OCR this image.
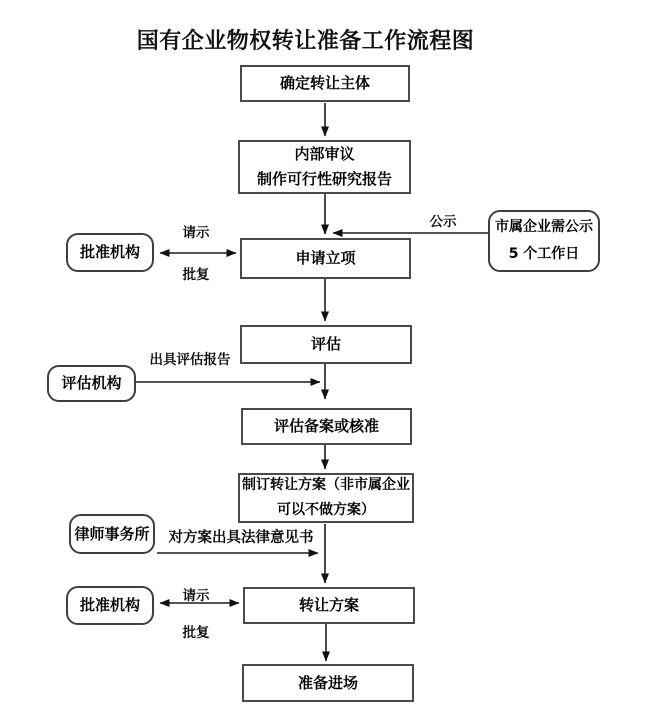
国有企业物权转让准备工作流程图
确定转让主体
内部审议
制作可行性研究报告
申请立项
评估
评估备案或核准
制订转让方案（非市属企业
可以不做方案）
转让方案
准备进场
批准机构
市属企业需公示
5 个工作日
评估机构
律师事务所
批准机构
请示
批复
公示
出具评估报告
对方案出具法律意见书
请示
批复
